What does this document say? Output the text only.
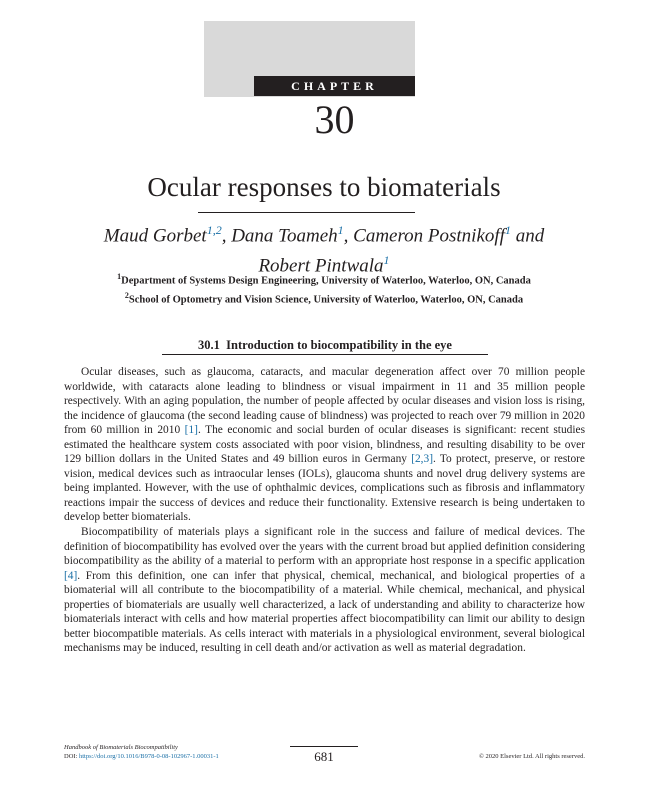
CHAPTER
30
Ocular responses to biomaterials
Maud Gorbet$^{1,2}$, Dana Toameh$^1$, Cameron Postnikoff$^1$ and
Robert Pintwala$^1$
$^1$Department of Systems Design Engineering, University of Waterloo, Waterloo, ON, Canada
$^2$School of Optometry and Vision Science, University of Waterloo, Waterloo, ON, Canada
30.1 Introduction to biocompatibility in the eye

Ocular diseases, such as glaucoma, cataracts, and macular degeneration affect over 70 million people worldwide, with cataracts alone leading to blindness or visual impairment in 11 and 35 million people respectively. With an aging population, the number of people affected by ocular diseases and vision loss is rising, the incidence of glaucoma (the second leading cause of blindness) was projected to reach over 79 million in 2020 from 60 million in 2010 [1]. The economic and social burden of ocular diseases is significant: recent studies estimated the healthcare system costs associated with poor vision, blindness, and resulting disability to be over 129 billion dollars in the United States and 49 billion euros in Germany [2,3]. To protect, preserve, or restore vision, medical devices such as intraocular lenses (IOLs), glaucoma shunts and novel drug delivery systems are being implanted. However, with the use of ophthalmic devices, complications such as fibrosis and inflammatory reactions impair the success of devices and reduce their functionality. Extensive research is being undertaken to develop better biomaterials.

Biocompatibility of materials plays a significant role in the success and failure of medical devices. The definition of biocompatibility has evolved over the years with the current broad but applied definition considering biocompatibility as the ability of a material to perform with an appropriate host response in a specific application [4]. From this definition, one can infer that physical, chemical, mechanical, and biological properties of a biomaterial will all contribute to the biocompatibility of a material. While chemical, mechanical, and physical properties of biomaterials are usually well characterized, a lack of understanding and ability to characterize how biomaterials interact with cells and how material properties affect biocompatibility can limit our ability to design better biocompatible materials. As cells interact with materials in a physiological environment, several biological mechanisms may be induced, resulting in cell death and/or activation as well as material degradation.

Handbook of Biomaterials Biocompatibility
DOI: https://doi.org/10.1016/B978-0-08-102967-1.00031-1	681	© 2020 Elsevier Ltd. All rights reserved.
